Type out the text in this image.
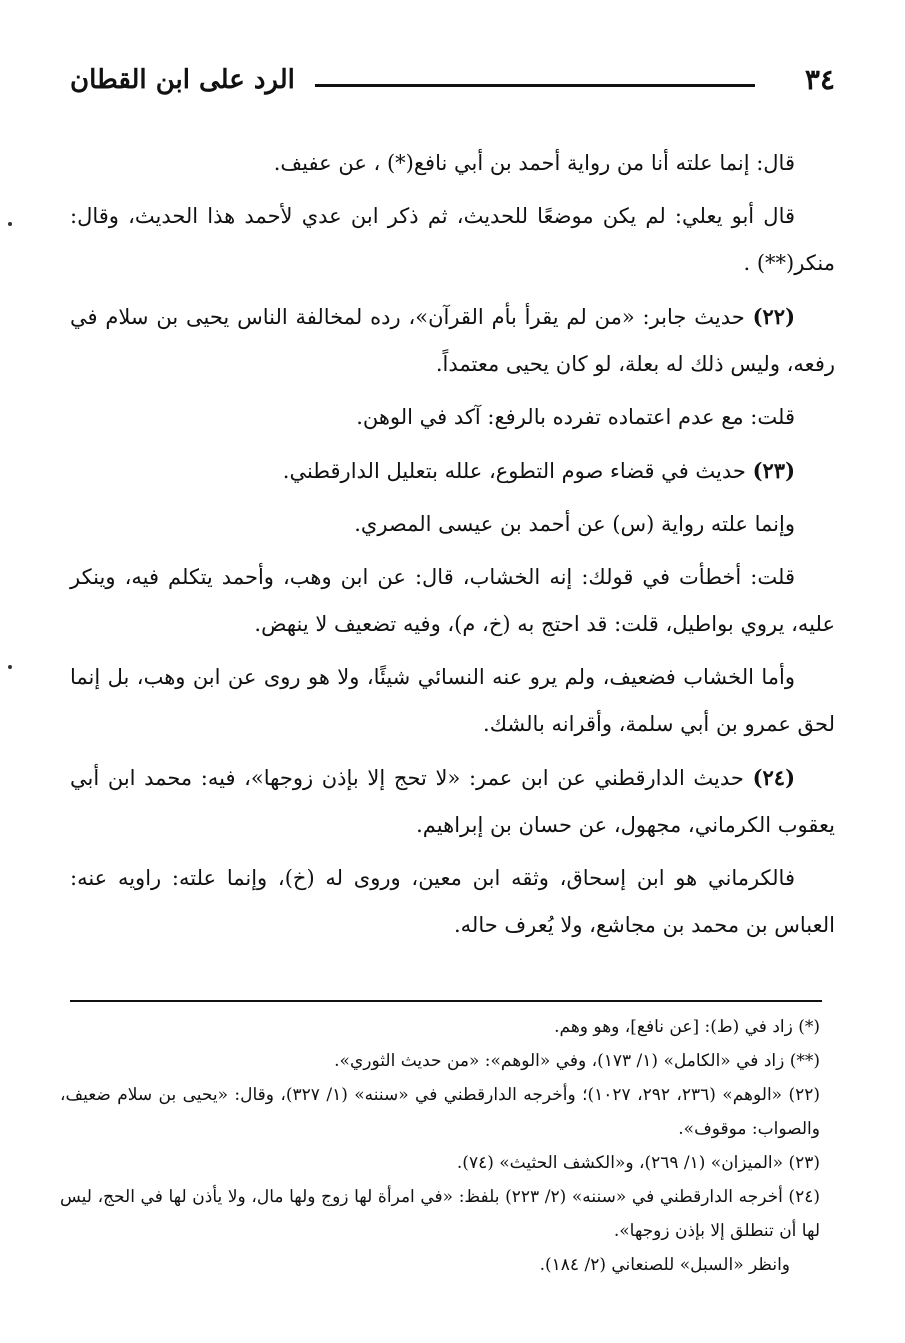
٣٤
الرد على ابن القطان

قال: إنما علته أنا من رواية أحمد بن أبي نافع(*) ، عن عفيف.

قال أبو يعلي: لم يكن موضعًا للحديث، ثم ذكر ابن عدي لأحمد هذا الحديث، وقال: منكر(**) .

(٢٢) حديث جابر: «من لم يقرأ بأم القرآن»، رده لمخالفة الناس يحيى بن سلام في رفعه، وليس ذلك له بعلة، لو كان يحيى معتمداً.

قلت: مع عدم اعتماده تفرده بالرفع: آكد في الوهن.

(٢٣) حديث في قضاء صوم التطوع، علله بتعليل الدارقطني.

وإنما علته رواية (س) عن أحمد بن عيسى المصري.

قلت: أخطأت في قولك: إنه الخشاب، قال: عن ابن وهب، وأحمد يتكلم فيه، وينكر عليه، يروي بواطيل، قلت: قد احتج به (خ، م)، وفيه تضعيف لا ينهض.

وأما الخشاب فضعيف، ولم يرو عنه النسائي شيئًا، ولا هو روى عن ابن وهب، بل إنما لحق عمرو بن أبي سلمة، وأقرانه بالشك.

(٢٤) حديث الدارقطني عن ابن عمر: «لا تحج إلا بإذن زوجها»، فيه: محمد ابن أبي يعقوب الكرماني، مجهول، عن حسان بن إبراهيم.

فالكرماني هو ابن إسحاق، وثقه ابن معين، وروى له (خ)، وإنما علته: راويه عنه: العباس بن محمد بن مجاشع، ولا يُعرف حاله.

(*) زاد في (ط): [عن نافع]، وهو وهم.

(**) زاد في «الكامل» (١/ ١٧٣)، وفي «الوهم»: «من حديث الثوري».

(٢٢) «الوهم» (٢٣٦، ٢٩٢، ١٠٢٧)؛ وأخرجه الدارقطني في «سننه» (١/ ٣٢٧)، وقال: «يحيى بن سلام ضعيف، والصواب: موقوف».

(٢٣) «الميزان» (١/ ٢٦٩)، و«الكشف الحثيث» (٧٤).

(٢٤) أخرجه الدارقطني في «سننه» (٢/ ٢٢٣) بلفظ: «في امرأة لها زوج ولها مال، ولا يأذن لها في الحج، ليس لها أن تنطلق إلا بإذن زوجها».

وانظر «السبل» للصنعاني (٢/ ١٨٤).
